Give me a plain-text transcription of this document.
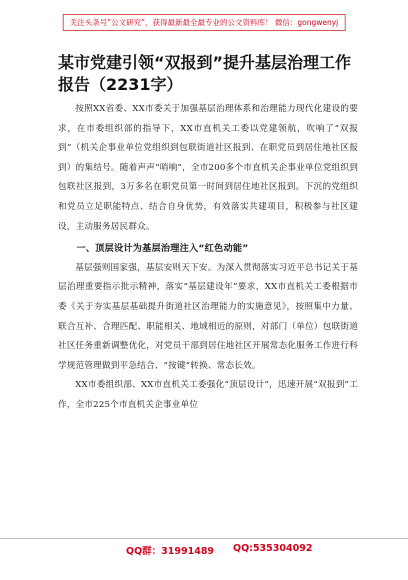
关注头条号“公文研究”，获得最新最全最专业的公文资料库！ 微信：gongwenyj
某市党建引领“双报到”提升基层治理工作报告（2231字）

按照XX省委、XX市委关于加强基层治理体系和治理能力现代化建设的要求，在市委组织部的指导下，XX市直机关工委以党建领航，吹响了“双报到”（机关企事业单位党组织到包联街道社区报到、在职党员到居住地社区报到）的集结号。随着声声“哨响”，全市200多个市直机关企事业单位党组织到包联社区报到，3万多名在职党员第一时间到居住地社区报到。下沉的党组织和党员立足职能特点、结合自身优势，有效落实共建项目，积极参与社区建设，主动服务居民群众。

一、顶层设计为基层治理注入“红色动能”

基层强则国家强，基层安则天下安。为深入贯彻落实习近平总书记关于基层治理重要指示批示精神，落实“基层建设年”要求，XX市直机关工委根据市委《关于夯实基层基础提升街道社区治理能力的实施意见》，按照集中力量、联合互补、合理匹配、职能相关、地域相近的原则，对部门（单位）包联街道社区任务重新调整优化，对党员干部到居住地社区开展常态化服务工作进行科学规范管理做到平急结合、“按键”转换、常态长效。

XX市委组织部、XX市直机关工委强化“顶层设计”，迅速开展“双报到”工作，全市225个市直机关企事业单位

QQ群：31991489 QQ:535304092
